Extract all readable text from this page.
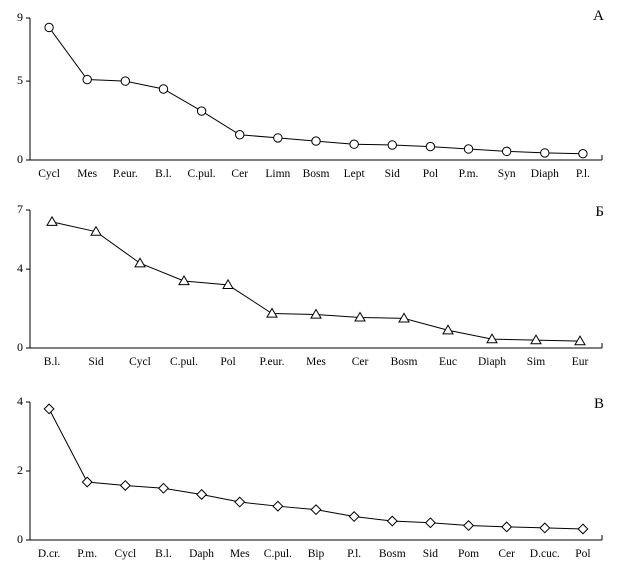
0
5
9
Cycl Mes P.eur. B.l. C.pul. Cer Limn Bosm Lept Sid Pol P.m. Syn Diaph P.l.
А
0
4
7
B.l. Sid Cycl C.pul. Pol P.eur. Mes Cer Bosm Euc Diaph Sim Eur
Б
0
2
4
D.cr. P.m. Cycl B.l. Daph Mes C.pul. Bip P.l. Bosm Sid Pom Cer D.cuc. Pol
В
